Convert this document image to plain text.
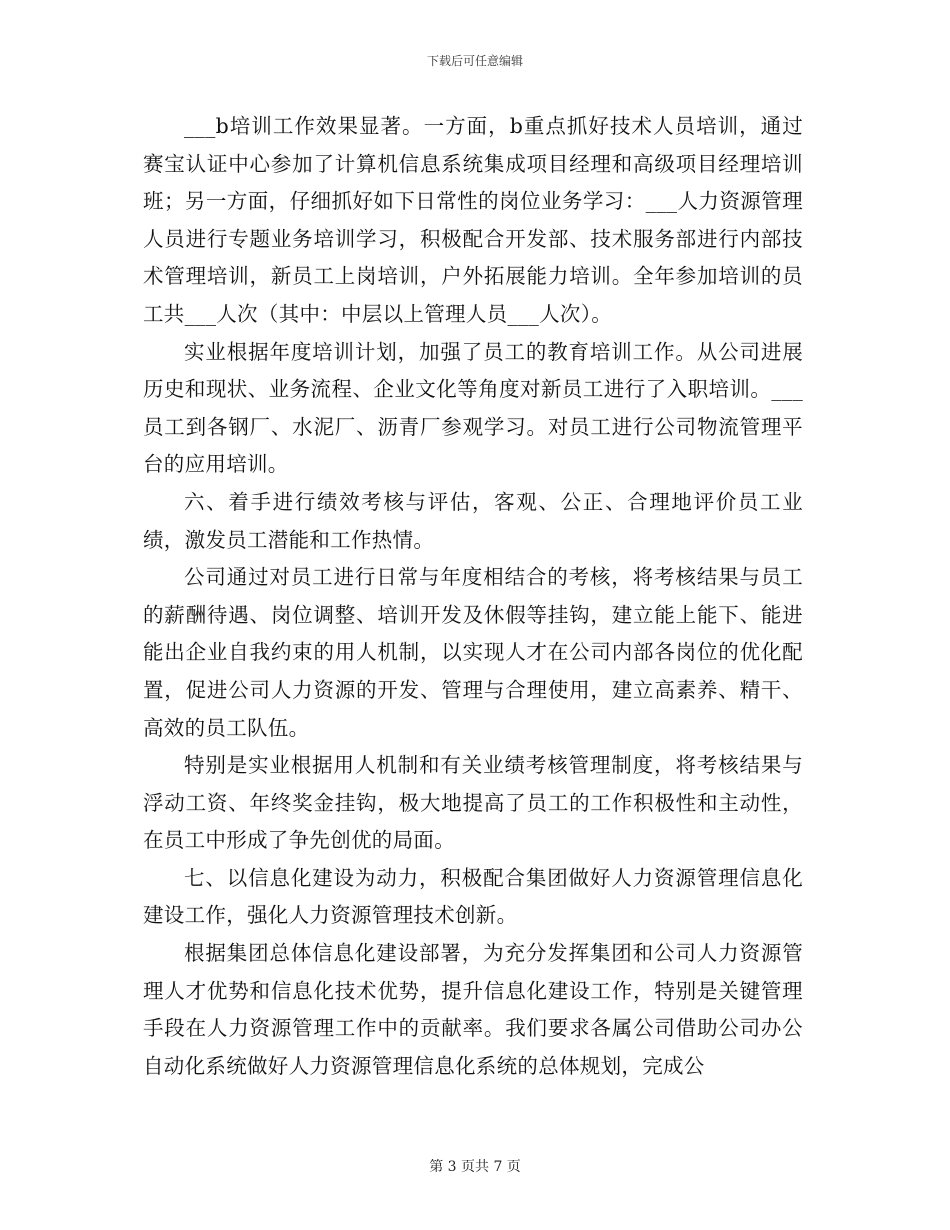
下载后可任意编辑

___b培训工作效果显著。一方面，b重点抓好技术人员培训，通过赛宝认证中心参加了计算机信息系统集成项目经理和高级项目经理培训班；另一方面，仔细抓好如下日常性的岗位业务学习：___人力资源管理人员进行专题业务培训学习，积极配合开发部、技术服务部进行内部技术管理培训，新员工上岗培训，户外拓展能力培训。全年参加培训的员工共___人次（其中：中层以上管理人员___人次）。

实业根据年度培训计划，加强了员工的教育培训工作。从公司进展历史和现状、业务流程、企业文化等角度对新员工进行了入职培训。___员工到各钢厂、水泥厂、沥青厂参观学习。对员工进行公司物流管理平台的应用培训。

六、着手进行绩效考核与评估，客观、公正、合理地评价员工业绩，激发员工潜能和工作热情。

公司通过对员工进行日常与年度相结合的考核，将考核结果与员工的薪酬待遇、岗位调整、培训开发及休假等挂钩，建立能上能下、能进能出企业自我约束的用人机制，以实现人才在公司内部各岗位的优化配置，促进公司人力资源的开发、管理与合理使用，建立高素养、精干、高效的员工队伍。

特别是实业根据用人机制和有关业绩考核管理制度，将考核结果与浮动工资、年终奖金挂钩，极大地提高了员工的工作积极性和主动性，在员工中形成了争先创优的局面。

七、以信息化建设为动力，积极配合集团做好人力资源管理信息化建设工作，强化人力资源管理技术创新。

根据集团总体信息化建设部署，为充分发挥集团和公司人力资源管理人才优势和信息化技术优势，提升信息化建设工作，特别是关键管理手段在人力资源管理工作中的贡献率。我们要求各属公司借助公司办公自动化系统做好人力资源管理信息化系统的总体规划，完成公

第 3 页共 7 页
